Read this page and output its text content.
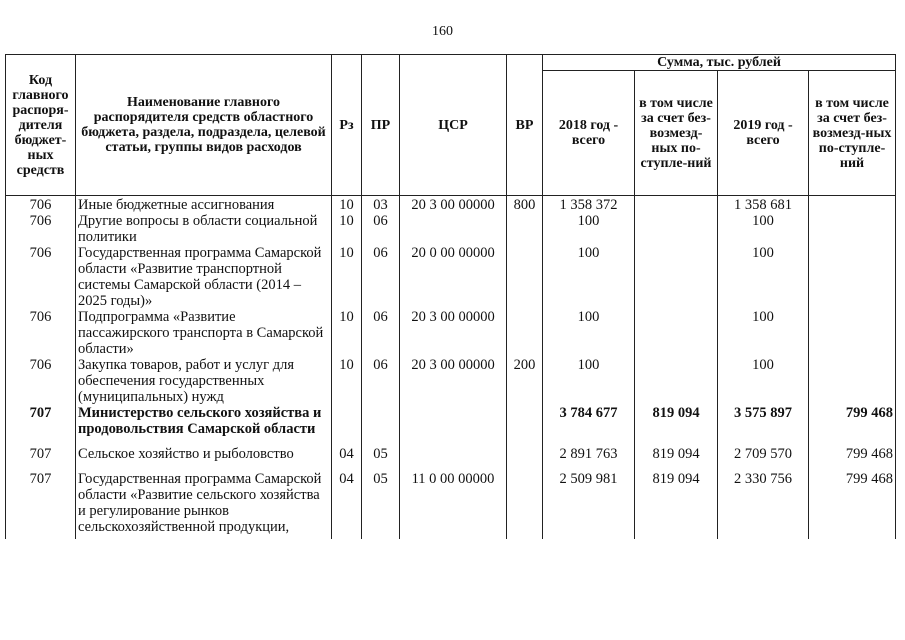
160
Код главного распоря-дителя бюджет-ных средств	Наименование главного распорядителя средств областного бюджета, раздела, подраздела, целевой статьи, группы видов расходов	Рз	ПР	ЦСР	ВР	Сумма, тыс. рублей			
						2018 год - всего	в том числе за счет без-возмезд-ных по-ступле-ний	2019 год - всего	в том числе за счет без-возмезд-ных по-ступле-ний
706	Иные бюджетные ассигнования	10	03	20 3 00 00000	800	1 358 372		1 358 681	
706	Другие вопросы в области социальной политики	10	06			100		100	
706	Государственная программа Самарской области «Развитие транспортной системы Самарской области (2014 – 2025 годы)»	10	06	20 0 00 00000		100		100	
706	Подпрограмма «Развитие пассажирского транспорта в Самарской области»	10	06	20 3 00 00000		100		100	
706	Закупка товаров, работ и услуг для обеспечения государственных (муниципальных) нужд	10	06	20 3 00 00000	200	100		100	
707	Министерство сельского хозяйства и продовольствия Самарской области					3 784 677	819 094	3 575 897	799 468
707	Сельское хозяйство и рыболовство	04	05			2 891 763	819 094	2 709 570	799 468
707	Государственная программа Самарской области «Развитие сельского хозяйства и регулирование рынков сельскохозяйственной продукции,	04	05	11 0 00 00000		2 509 981	819 094	2 330 756	799 468
